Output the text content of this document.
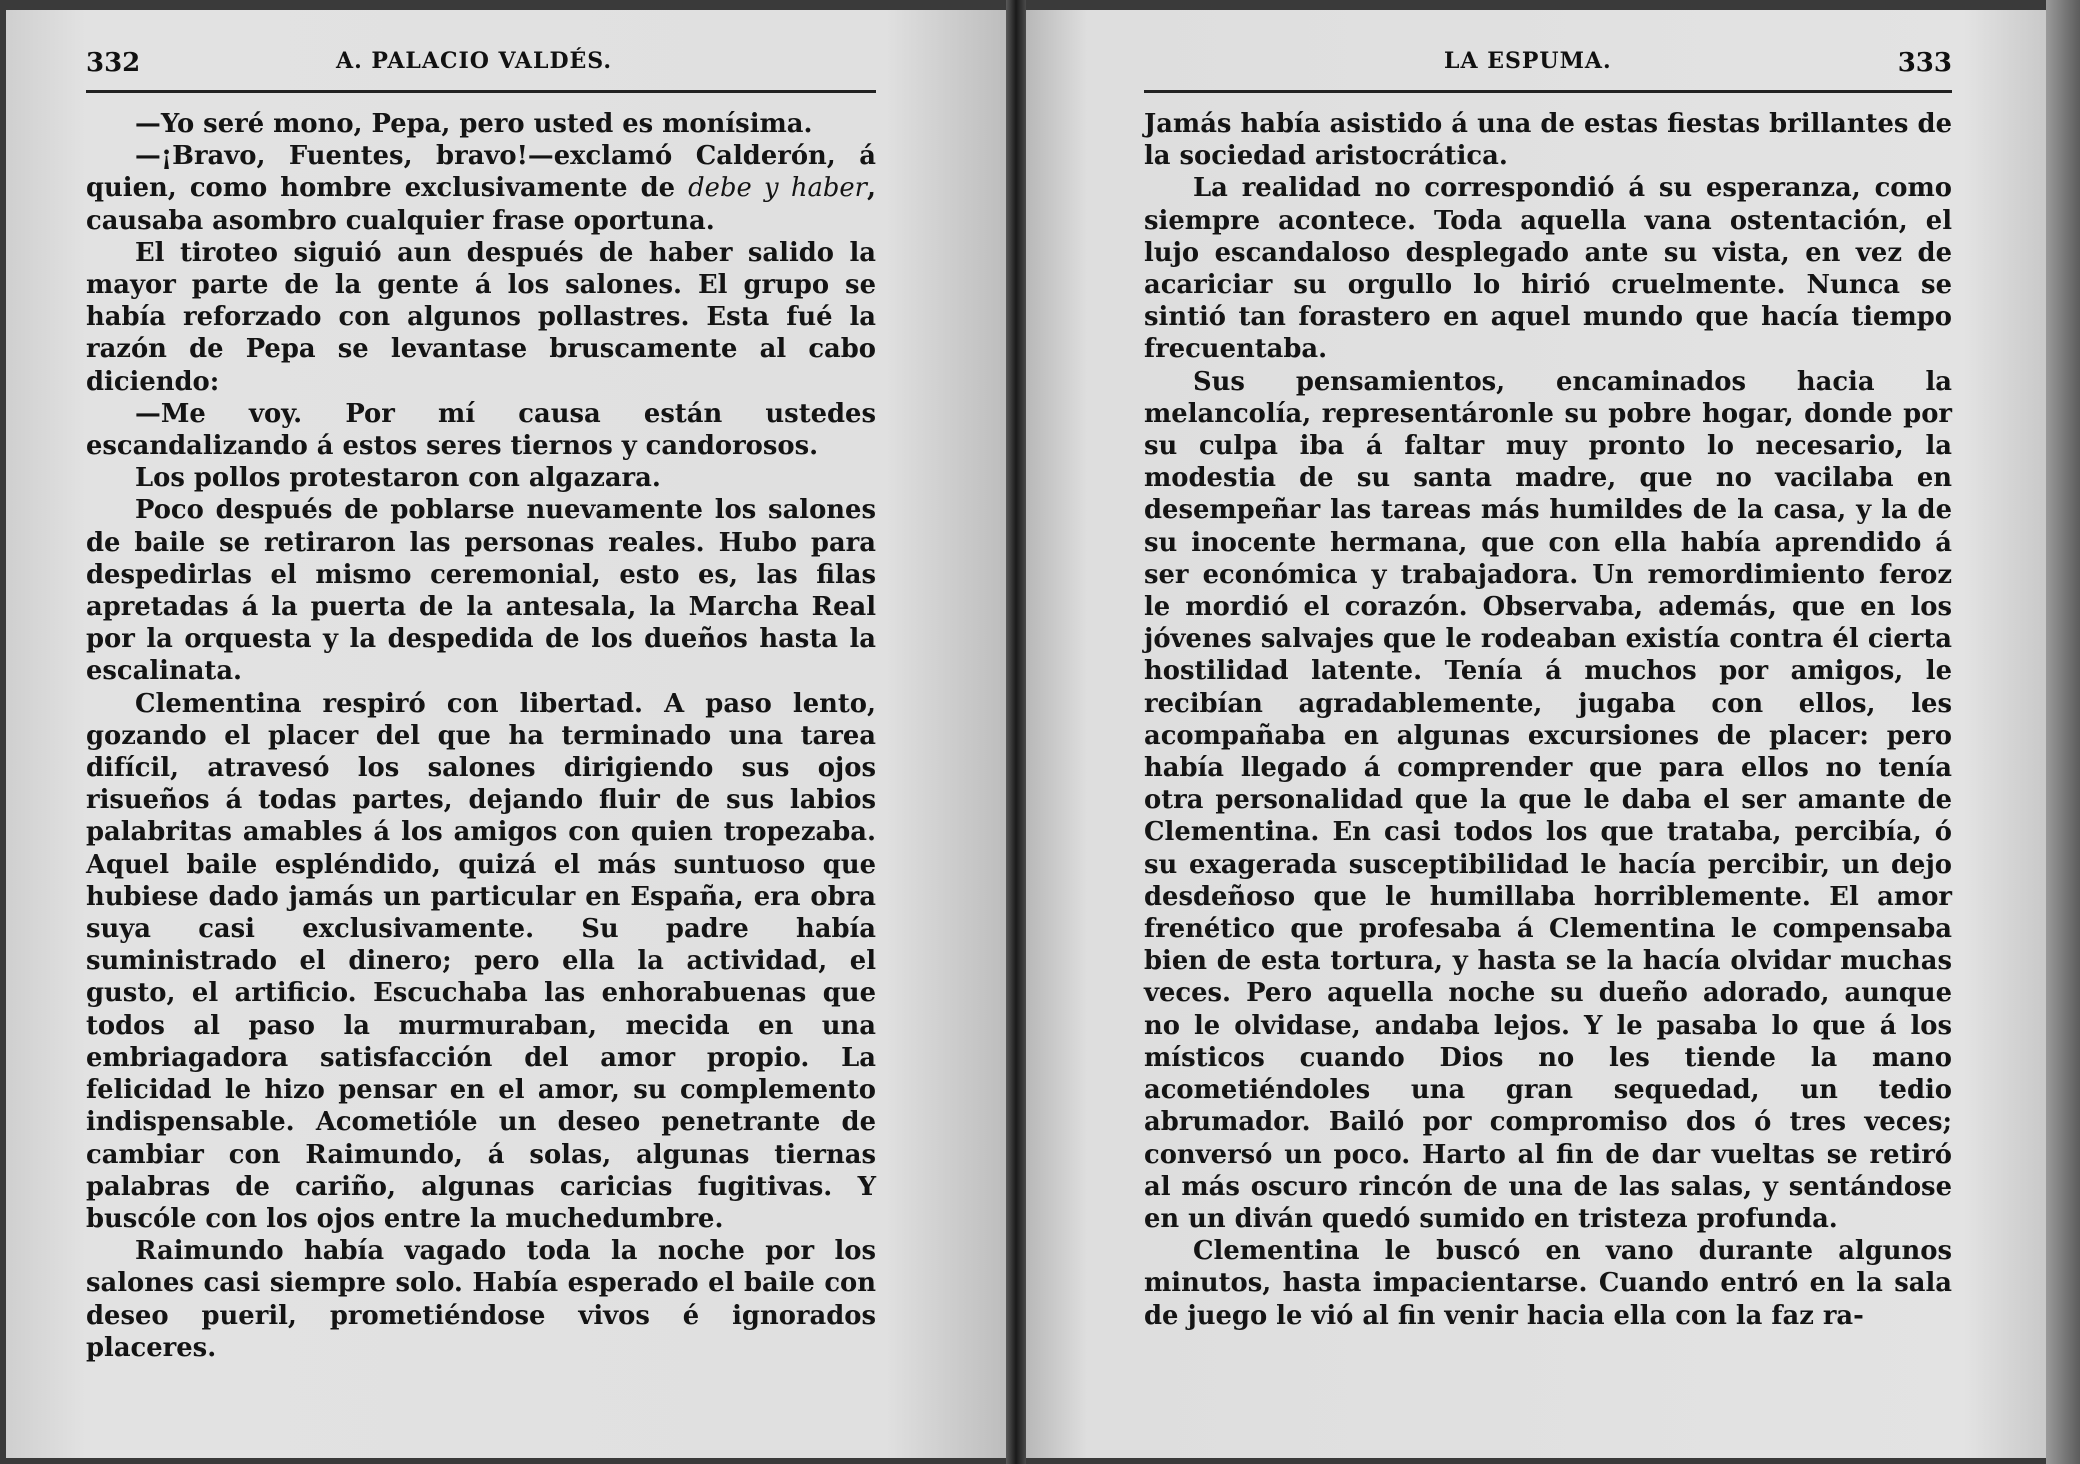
332	A. PALACIO VALDÉS.

—Yo seré mono, Pepa, pero usted es monísima.

—¡Bravo, Fuentes, bravo!—exclamó Calderón, á quien, como hombre exclusivamente de debe y haber, causaba asombro cualquier frase oportuna.

El tiroteo siguió aun después de haber salido la mayor parte de la gente á los salones. El grupo se había reforzado con algunos pollastres. Esta fué la razón de Pepa se levantase bruscamente al cabo diciendo:

—Me voy. Por mí causa están ustedes escandalizando á estos seres tiernos y candorosos.

Los pollos protestaron con algazara.

Poco después de poblarse nuevamente los salones de baile se retiraron las personas reales. Hubo para despedirlas el mismo ceremonial, esto es, las filas apretadas á la puerta de la antesala, la Marcha Real por la orquesta y la despedida de los dueños hasta la escalinata.

Clementina respiró con libertad. A paso lento, gozando el placer del que ha terminado una tarea difícil, atravesó los salones dirigiendo sus ojos risueños á todas partes, dejando fluir de sus labios palabritas amables á los amigos con quien tropezaba. Aquel baile espléndido, quizá el más suntuoso que hubiese dado jamás un particular en España, era obra suya casi exclusivamente. Su padre había suministrado el dinero; pero ella la actividad, el gusto, el artificio. Escuchaba las enhorabuenas que todos al paso la murmuraban, mecida en una embriagadora satisfacción del amor propio. La felicidad le hizo pensar en el amor, su complemento indispensable. Acometióle un deseo penetrante de cambiar con Raimundo, á solas, algunas tiernas palabras de cariño, algunas caricias fugitivas. Y buscóle con los ojos entre la muchedumbre.

Raimundo había vagado toda la noche por los salones casi siempre solo. Había esperado el baile con deseo pueril, prometiéndose vivos é ignorados placeres.

LA ESPUMA.	333

Jamás había asistido á una de estas fiestas brillantes de la sociedad aristocrática.

La realidad no correspondió á su esperanza, como siempre acontece. Toda aquella vana ostentación, el lujo escandaloso desplegado ante su vista, en vez de acariciar su orgullo lo hirió cruelmente. Nunca se sintió tan forastero en aquel mundo que hacía tiempo frecuentaba.

Sus pensamientos, encaminados hacia la melancolía, representáronle su pobre hogar, donde por su culpa iba á faltar muy pronto lo necesario, la modestia de su santa madre, que no vacilaba en desempeñar las tareas más humildes de la casa, y la de su inocente hermana, que con ella había aprendido á ser económica y trabajadora. Un remordimiento feroz le mordió el corazón. Observaba, además, que en los jóvenes salvajes que le rodeaban existía contra él cierta hostilidad latente. Tenía á muchos por amigos, le recibían agradablemente, jugaba con ellos, les acompañaba en algunas excursiones de placer: pero había llegado á comprender que para ellos no tenía otra personalidad que la que le daba el ser amante de Clementina. En casi todos los que trataba, percibía, ó su exagerada susceptibilidad le hacía percibir, un dejo desdeñoso que le humillaba horriblemente. El amor frenético que profesaba á Clementina le compensaba bien de esta tortura, y hasta se la hacía olvidar muchas veces. Pero aquella noche su dueño adorado, aunque no le olvidase, andaba lejos. Y le pasaba lo que á los místicos cuando Dios no les tiende la mano acometiéndoles una gran sequedad, un tedio abrumador. Bailó por compromiso dos ó tres veces; conversó un poco. Harto al fin de dar vueltas se retiró al más oscuro rincón de una de las salas, y sentándose en un diván quedó sumido en tristeza profunda.

Clementina le buscó en vano durante algunos minutos, hasta impacientarse. Cuando entró en la sala de juego le vió al fin venir hacia ella con la faz ra-
